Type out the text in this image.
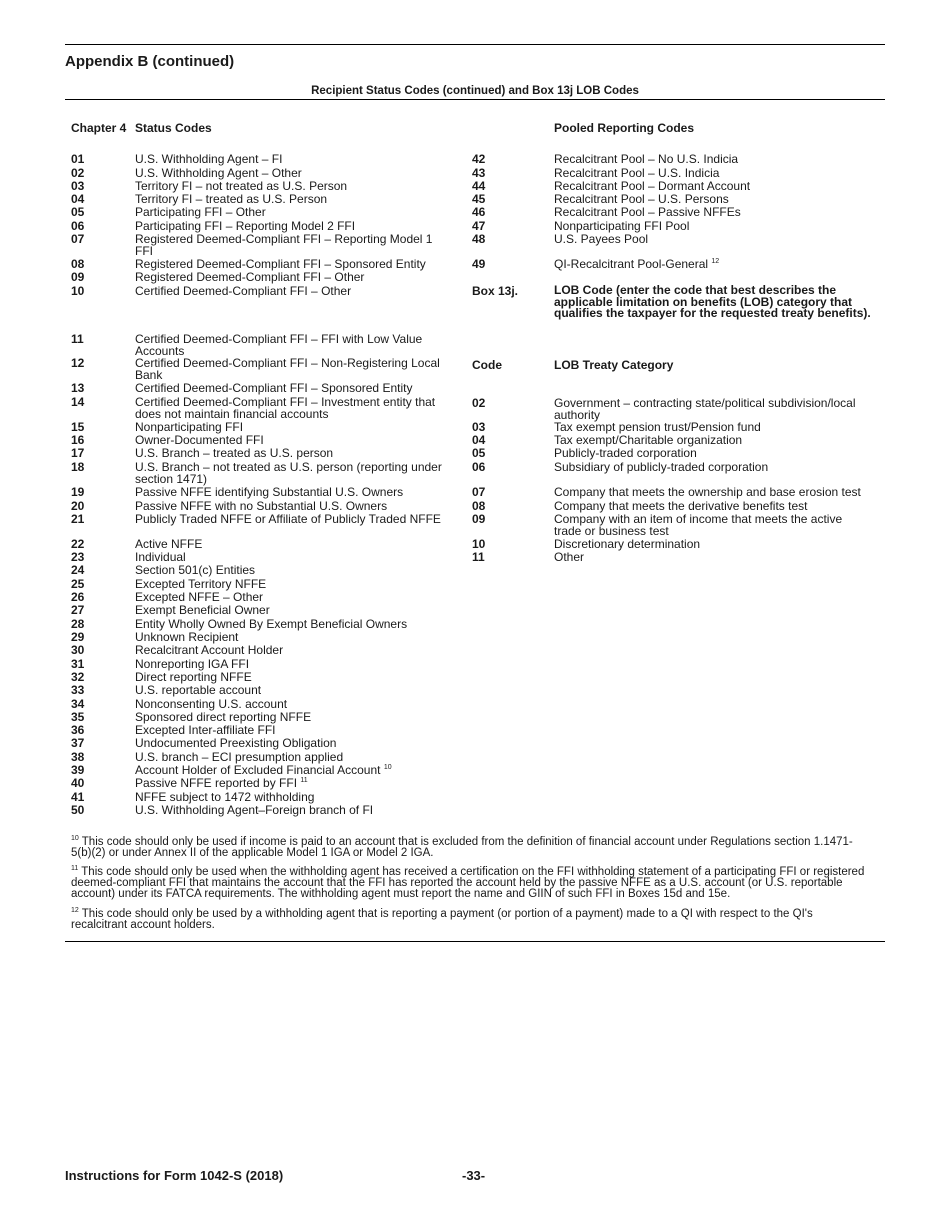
Appendix B (continued)
Recipient Status Codes (continued) and Box 13j LOB Codes
Chapter 4 Status Codes	Pooled Reporting Codes
01	U.S. Withholding Agent – FI
02	U.S. Withholding Agent – Other
03	Territory FI – not treated as U.S. Person
04	Territory FI – treated as U.S. Person
05	Participating FFI – Other
06	Participating FFI – Reporting Model 2 FFI
07	Registered Deemed-Compliant FFI – Reporting Model 1 FFI
08	Registered Deemed-Compliant FFI – Sponsored Entity
09	Registered Deemed-Compliant FFI – Other
10	Certified Deemed-Compliant FFI – Other
11	Certified Deemed-Compliant FFI – FFI with Low Value Accounts
12	Certified Deemed-Compliant FFI – Non-Registering Local Bank
13	Certified Deemed-Compliant FFI – Sponsored Entity
14	Certified Deemed-Compliant FFI – Investment entity that does not maintain financial accounts
15	Nonparticipating FFI
16	Owner-Documented FFI
17	U.S. Branch – treated as U.S. person
18	U.S. Branch – not treated as U.S. person (reporting under section 1471)
19	Passive NFFE identifying Substantial U.S. Owners
20	Passive NFFE with no Substantial U.S. Owners
21	Publicly Traded NFFE or Affiliate of Publicly Traded NFFE
22	Active NFFE
23	Individual
24	Section 501(c) Entities
25	Excepted Territory NFFE
26	Excepted NFFE – Other
27	Exempt Beneficial Owner
28	Entity Wholly Owned By Exempt Beneficial Owners
29	Unknown Recipient
30	Recalcitrant Account Holder
31	Nonreporting IGA FFI
32	Direct reporting NFFE
33	U.S. reportable account
34	Nonconsenting U.S. account
35	Sponsored direct reporting NFFE
36	Excepted Inter-affiliate FFI
37	Undocumented Preexisting Obligation
38	U.S. branch – ECI presumption applied
39	Account Holder of Excluded Financial Account $^{10}$
40	Passive NFFE reported by FFI $^{11}$
41	NFFE subject to 1472 withholding
50	U.S. Withholding Agent–Foreign branch of FI
42	Recalcitrant Pool – No U.S. Indicia
43	Recalcitrant Pool – U.S. Indicia
44	Recalcitrant Pool – Dormant Account
45	Recalcitrant Pool – U.S. Persons
46	Recalcitrant Pool – Passive NFFEs
47	Nonparticipating FFI Pool
48	U.S. Payees Pool
49	QI-Recalcitrant Pool-General $^{12}$
Box 13j.	LOB Code (enter the code that best describes the applicable limitation on benefits (LOB) category that qualifies the taxpayer for the requested treaty benefits).
Code	LOB Treaty Category
02	Government – contracting state/political subdivision/local authority
03	Tax exempt pension trust/Pension fund
04	Tax exempt/Charitable organization
05	Publicly-traded corporation
06	Subsidiary of publicly-traded corporation
07	Company that meets the ownership and base erosion test
08	Company that meets the derivative benefits test
09	Company with an item of income that meets the active trade or business test
10	Discretionary determination
11	Other
$^{10}$ This code should only be used if income is paid to an account that is excluded from the definition of financial account under Regulations section 1.1471-5(b)(2) or under Annex II of the applicable Model 1 IGA or Model 2 IGA.
$^{11}$ This code should only be used when the withholding agent has received a certification on the FFI withholding statement of a participating FFI or registered deemed-compliant FFI that maintains the account that the FFI has reported the account held by the passive NFFE as a U.S. account (or U.S. reportable account) under its FATCA requirements. The withholding agent must report the name and GIIN of such FFI in Boxes 15d and 15e.
$^{12}$ This code should only be used by a withholding agent that is reporting a payment (or portion of a payment) made to a QI with respect to the QI's recalcitrant account holders.
Instructions for Form 1042-S (2018)	-33-
